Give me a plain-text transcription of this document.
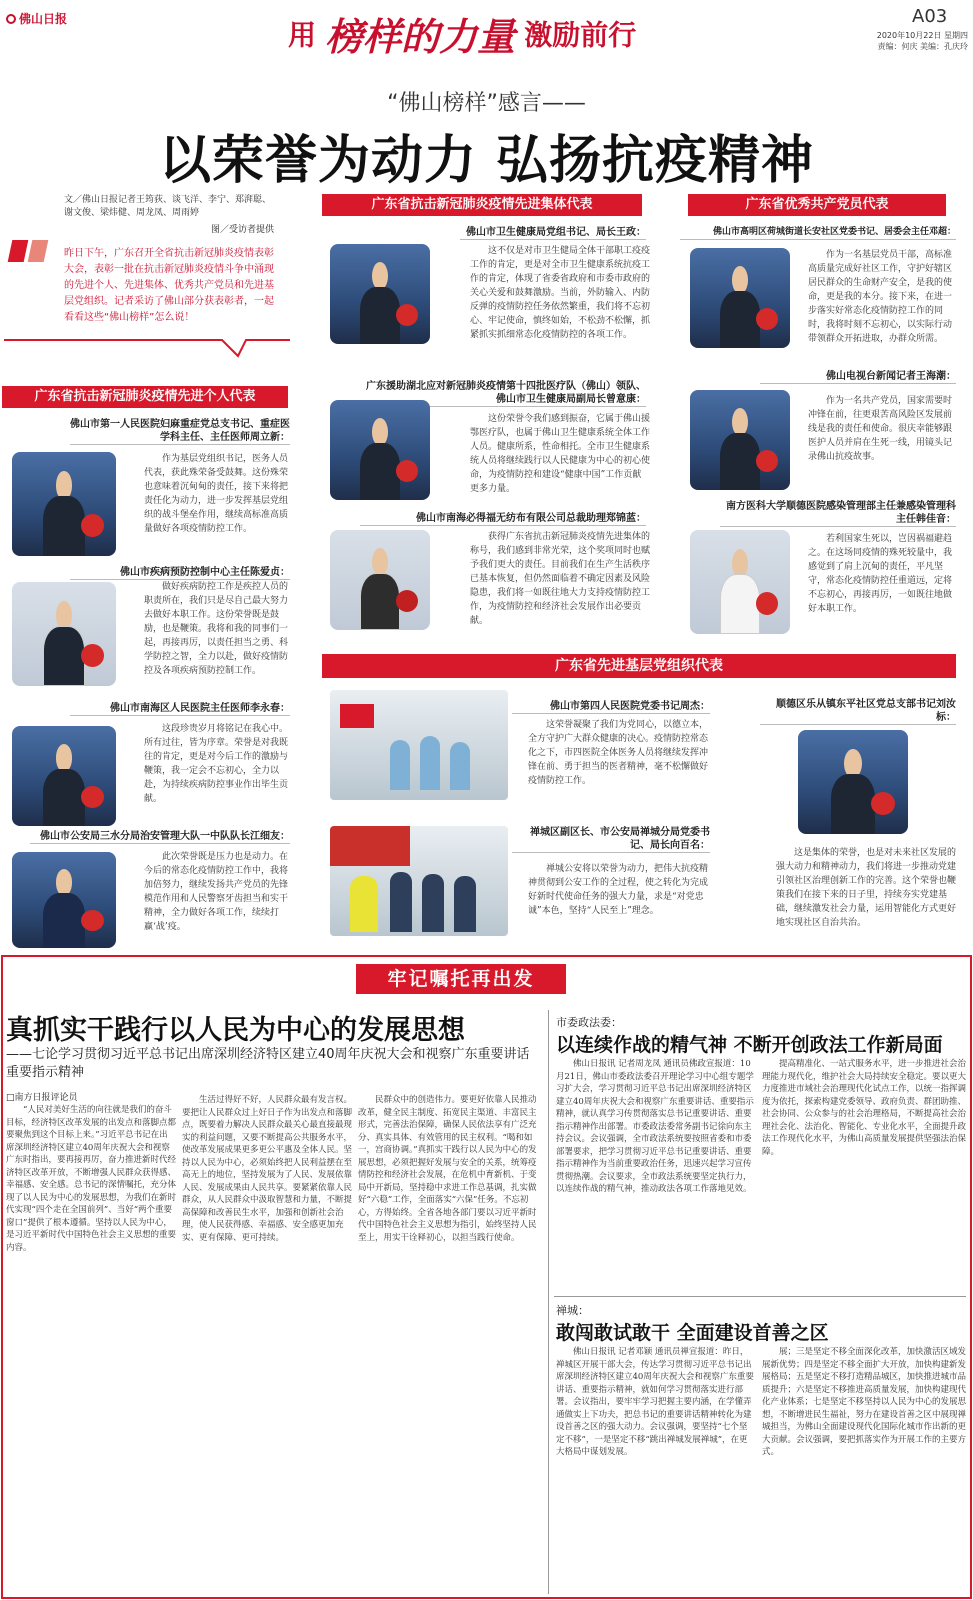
佛山日报	用 榜样的力量 激励前行
A03
2020年10月22日 星期四
责编：何庆 美编：孔庆玲
“佛山榜样”感言——
以荣誉为动力 弘扬抗疫精神
文／佛山日报记者王筠荻、谈飞洋、李宁、郑湃聪、谢文俊、梁炜健、周龙凤、周雨婷
图／受访者提供
昨日下午，广东召开全省抗击新冠肺炎疫情表彰大会，表彰一批在抗击新冠肺炎疫情斗争中涌现的先进个人、先进集体、优秀共产党员和先进基层党组织。记者采访了佛山部分获表彰者，一起看看这些“佛山榜样”怎么说！
广东省抗击新冠肺炎疫情先进个人代表
佛山市第一人民医院妇麻重症党总支书记、重症医学科主任、主任医师周立新：
作为基层党组织书记，医务人员代表，获此殊荣备受鼓舞。这份殊荣也意味着沉甸甸的责任，接下来将把责任化为动力，进一步发挥基层党组织的战斗堡垒作用，继续高标准高质量做好各项疫情防控工作。
佛山市疾病预防控制中心主任陈爱贞：
做好疾病防控工作是疾控人员的职责所在，我们只是尽自己最大努力去做好本职工作。这份荣誉既是鼓励，也是鞭策。我将和我的同事们一起，再接再厉，以责任担当之勇、科学防控之智，全力以赴，做好疫情防控及各项疾病预防控制工作。
佛山市南海区人民医院主任医师李永春：
这段珍贵岁月将铭记在我心中。所有过往，皆为序章。荣誉是对我既往的肯定，更是对今后工作的激励与鞭策，我一定会不忘初心，全力以赴，为持续疾病防控事业作出毕生贡献。
佛山市公安局三水分局治安管理大队一中队队长江细友：
此次荣誉既是压力也是动力。在今后的常态化疫情防控工作中，我将加倍努力，继续发扬共产党员的先锋模范作用和人民警察牙齿担当和实干精神，全力做好各项工作，续续打赢‘战’疫。
广东省抗击新冠肺炎疫情先进集体代表
佛山市卫生健康局党组书记、局长王政：
这不仅是对市卫生健局全体干部职工疫疫工作的肯定，更是对全市卫生健康系统抗疫工作的肯定，体现了省委省政府和市委市政府的关心关爱和鼓舞激励。当前，外防输入、内防反弹的疫情防控任务依然繁重，我们将不忘初心、牢记使命，慎终如始，不松劲不松懈，抓紧抓实抓细常态化疫情防控的各项工作。
广东援助湖北应对新冠肺炎疫情第十四批医疗队（佛山）领队、佛山市卫生健康局副局长曾意康：
这份荣誉令我们感到振奋，它属于佛山援鄂医疗队，也属于佛山卫生健康系统全体工作人员。健康所系，性命相托。全市卫生健康系统人员将继续践行以人民健康为中心的初心使命，为疫情防控和建设“健康中国”工作贡献更多力量。
佛山市南海必得福无纺布有限公司总裁助理郑锦蓝：
获得广东省抗击新冠肺炎疫情先进集体的称号，我们感到非常光荣，这个奖项同时也赋予我们更大的责任。目前我们在生产生活秩序已基本恢复，但仍然面临着不确定因素及风险隐患，我们将一如既往地大力支持疫情防控工作，为疫情防控和经济社会发展作出必要贡献。
广东省优秀共产党员代表
佛山市高明区荷城街道长安社区党委书记、居委会主任邓超：
作为一名基层党员干部，高标准高质量完成好社区工作，守护好辖区居民群众的生命财产安全，是我的使命，更是我的本分。接下来，在进一步落实好常态化疫情防控工作的同时，我将时刻不忘初心，以实际行动带领群众开拓进取，办群众所需。
佛山电视台新闻记者王海潮：
作为一名共产党员，国家需要时冲锋在前，往更艰苦高风险区发展前线是我的责任和使命。很庆幸能够跟医护人员并肩在生死一线，用镜头记录佛山抗疫故事。
南方医科大学顺德医院感染管理部主任兼感染管理科主任韩佳音：
若利国家生死以，岂因祸福避趋之。在这场同疫情的殊死较量中，我感觉到了肩上沉甸的责任，平凡坚守，常态化疫情防控任重道远，定将不忘初心，再接再厉，一如既往地做好本职工作。
广东省先进基层党组织代表
佛山市第四人民医院党委书记周杰：
这荣誉凝聚了我们为党同心，以德立本，全方守护广大群众健康的决心。疫情防控常态化之下，市四医院全体医务人员将继续发挥冲锋在前、勇于担当的医者精神，毫不松懈做好疫情防控工作。
禅城区副区长、市公安局禅城分局党委书记、局长向百名：
禅城公安将以荣誉为动力，把伟大抗疫精神贯彻到公安工作的全过程，使之转化为完成好新时代使命任务的强大力量，求是“对党忠诚”本色，坚持“人民至上”理念。
顺德区乐从镇东平社区党总支部书记刘汝标：
这是集体的荣誉，也是对未来社区发展的强大动力和精神动力，我们将进一步推动党建引领社区治理创新工作的完善。这个荣誉也鞭策我们在接下来的日子里，持续夯实党建基础，继续激发社会力量，运用智能化方式更好地实现社区自治共治。
牢记嘱托再出发
真抓实干践行以人民为中心的发展思想
——七论学习贯彻习近平总书记出席深圳经济特区建立40周年庆祝大会和视察广东重要讲话重要指示精神
□南方日报评论员
“人民对美好生活的向往就是我们的奋斗目标，经济特区改革发展的出发点和落脚点都要聚焦到这个目标上来。”习近平总书记在出席深圳经济特区建立40周年庆祝大会和视察广东时指出，要再接再厉，奋力推进新时代经济特区改革开放，不断增强人民群众获得感、幸福感、安全感。总书记的深情嘱托，充分体现了以人民为中心的发展思想，为我们在新时代实现“四个走在全国前列”、当好“两个重要窗口”提供了根本遵循。坚持以人民为中心，是习近平新时代中国特色社会主义思想的重要内容。
生活过得好不好，人民群众最有发言权。要把让人民群众过上好日子作为出发点和落脚点，既要着力解决人民群众最关心最直接最现实的利益问题，又要不断提高公共服务水平，使改革发展成果更多更公平惠及全体人民。坚持以人民为中心，必须始终把人民利益摆在至高无上的地位，坚持发展为了人民、发展依靠人民、发展成果由人民共享。要紧紧依靠人民群众，从人民群众中汲取智慧和力量，不断提高保障和改善民生水平，加强和创新社会治理，使人民获得感、幸福感、安全感更加充实、更有保障、更可持续。
民群众中的创造伟力。要更好依靠人民推动改革，健全民主制度、拓宽民主渠道、丰富民主形式，完善法治保障，确保人民依法享有广泛充分、真实具体、有效管用的民主权利。“喝和如一，宫商协调。”真抓实干践行以人民为中心的发展思想，必须把握好发展与安全的关系，统筹疫情防控和经济社会发展，在危机中育新机、于变局中开新局，坚持稳中求进工作总基调，扎实做好“六稳”工作，全面落实“六保”任务。不忘初心，方得始终。全省各地各部门要以习近平新时代中国特色社会主义思想为指引，始终坚持人民至上，用实干诠释初心，以担当践行使命。
市委政法委：
以连续作战的精气神 不断开创政法工作新局面
佛山日报讯 记者周龙凤 通讯员佛政宣报道：10月21日，佛山市委政法委召开理论学习中心组专题学习扩大会，学习贯彻习近平总书记出席深圳经济特区建立40周年庆祝大会和视察广东重要讲话、重要指示精神，就认真学习传贯彻落实总书记重要讲话、重要指示精神作出部署。市委政法委常务副书记徐向东主持会议。会议强调，全市政法系统要按照省委和市委部署要求，把学习贯彻习近平总书记重要讲话、重要指示精神作为当前重要政治任务，迅速兴起学习宣传贯彻热潮。会议要求，全市政法系统要坚定执行力，以连续作战的精气神，推动政法各项工作落地见效。
提高精准化、一站式服务水平，进一步推进社会治理能力现代化，维护社会大局持续安全稳定。要以更大力度推进市域社会治理现代化试点工作，以统一指挥调度为依托，探索构建党委领导、政府负责、群团助推、社会协同、公众参与的社会治理格局，不断提高社会治理社会化、法治化、智能化、专业化水平，全面提升政法工作现代化水平，为佛山高质量发展提供坚强法治保障。
禅城：
敢闯敢试敢干 全面建设首善之区
佛山日报讯 记者邓颖 通讯员禅宣报道：昨日，禅城区开展干部大会，传达学习贯彻习近平总书记出席深圳经济特区建立40周年庆祝大会和视察广东重要讲话、重要指示精神，就如何学习贯彻落实进行部署。会议指出，要牢牢学习把握主要内涵，在学懂弄通做实上下功夫，把总书记的重要讲话精神转化为建设首善之区的强大动力。会议强调，要坚持“七个坚定不移”，一是坚定不移“跳出禅城发展禅城”，在更大格局中谋划发展。
展；三是坚定不移全面深化改革，加快激活区域发展新优势；四是坚定不移全面扩大开放，加快构建新发展格局；五是坚定不移打造精品城区，加快推进城市品质提升；六是坚定不移推进高质量发展，加快构建现代化产业体系；七是坚定不移坚持以人民为中心的发展思想，不断增进民生福祉，努力在建设首善之区中展现禅城担当，为佛山全面建设现代化国际化城市作出新的更大贡献。会议强调，要把抓落实作为开展工作的主要方式。
